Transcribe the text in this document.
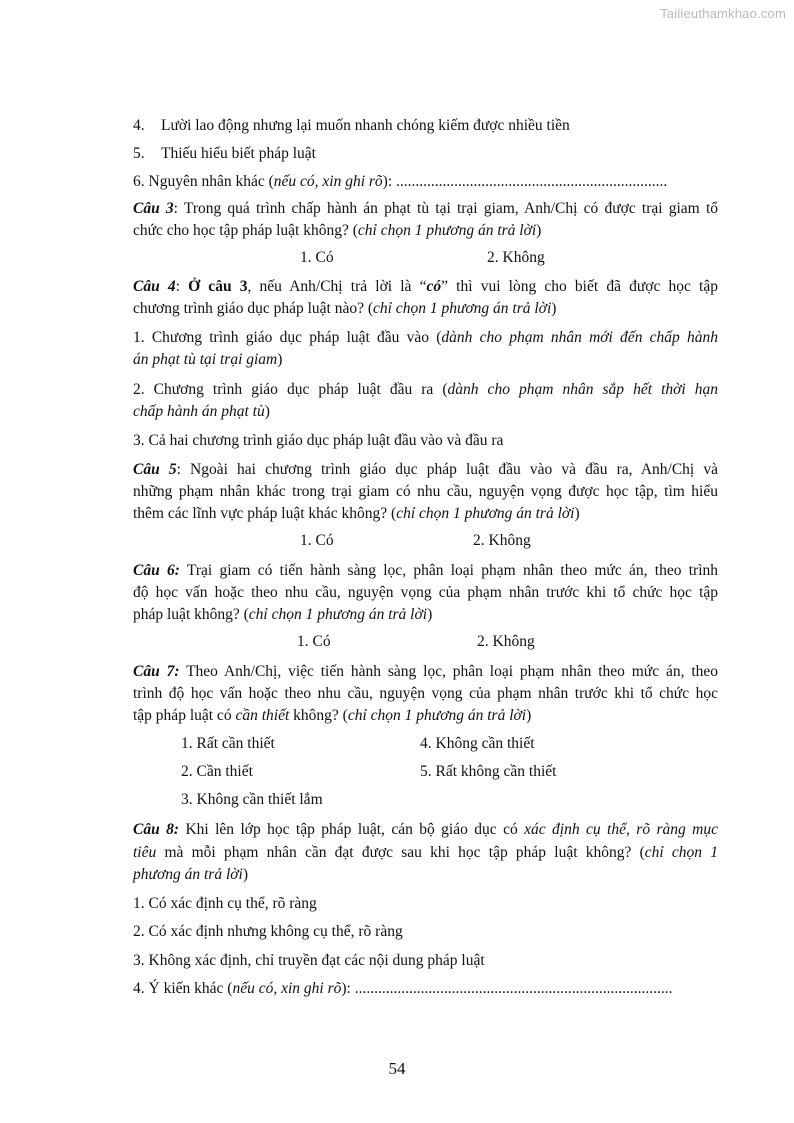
Tailieuthamkhao.com
4. Lười lao động nhưng lại muốn nhanh chóng kiếm được nhiều tiền
5. Thiếu hiểu biết pháp luật
6. Nguyên nhân khác (nếu có, xin ghi rõ): ......................................................................
Câu 3: Trong quá trình chấp hành án phạt tù tại trại giam, Anh/Chị có được trại giam tổ
chức cho học tập pháp luật không? (chỉ chọn 1 phương án trả lời)
1. Có	2. Không
Câu 4: Ở câu 3, nếu Anh/Chị trả lời là “có” thì vui lòng cho biết đã được học tập
chương trình giáo dục pháp luật nào? (chỉ chọn 1 phương án trả lời)
1. Chương trình giáo dục pháp luật đầu vào (dành cho phạm nhân mới đến chấp hành
án phạt tù tại trại giam)
2. Chương trình giáo dục pháp luật đầu ra (dành cho phạm nhân sắp hết thời hạn
chấp hành án phạt tù)
3. Cả hai chương trình giáo dục pháp luật đầu vào và đầu ra
Câu 5: Ngoài hai chương trình giáo dục pháp luật đầu vào và đầu ra, Anh/Chị và
những phạm nhân khác trong trại giam có nhu cầu, nguyện vọng được học tập, tìm hiểu
thêm các lĩnh vực pháp luật khác không? (chỉ chọn 1 phương án trả lời)
1. Có	2. Không
Câu 6: Trại giam có tiến hành sàng lọc, phân loại phạm nhân theo mức án, theo trình
độ học vấn hoặc theo nhu cầu, nguyện vọng của phạm nhân trước khi tổ chức học tập
pháp luật không? (chỉ chọn 1 phương án trả lời)
1. Có	2. Không
Câu 7: Theo Anh/Chị, việc tiến hành sàng lọc, phân loại phạm nhân theo mức án, theo
trình độ học vấn hoặc theo nhu cầu, nguyện vọng của phạm nhân trước khi tổ chức học
tập pháp luật có cần thiết không? (chỉ chọn 1 phương án trả lời)
1. Rất cần thiết
2. Cần thiết
3. Không cần thiết lắm
4. Không cần thiết
5. Rất không cần thiết
Câu 8: Khi lên lớp học tập pháp luật, cán bộ giáo dục có xác định cụ thể, rõ ràng mục
tiêu mà mỗi phạm nhân cần đạt được sau khi học tập pháp luật không? (chỉ chọn 1
phương án trả lời)
1. Có xác định cụ thể, rõ ràng
2. Có xác định nhưng không cụ thể, rõ ràng
3. Không xác định, chỉ truyền đạt các nội dung pháp luật
4. Ý kiến khác (nếu có, xin ghi rõ): ..................................................................................
54
